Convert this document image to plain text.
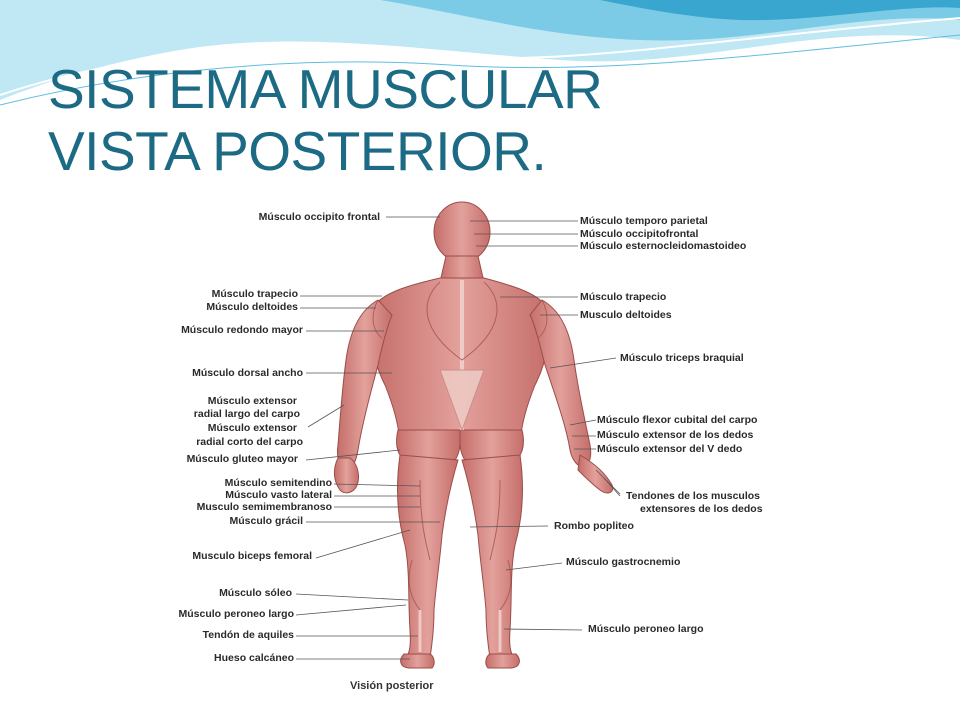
SISTEMA MUSCULAR
VISTA POSTERIOR.
Músculo occipito frontal
Músculo trapecio
Músculo deltoides
Músculo redondo mayor
Músculo dorsal ancho
Músculo extensor
radial largo del carpo
Músculo extensor
radial corto del carpo
Músculo gluteo mayor
Músculo semitendino
Músculo vasto lateral
Musculo semimembranoso
Músculo grácil
Musculo biceps femoral
Músculo sóleo
Músculo peroneo largo
Tendón de aquiles
Hueso calcáneo
Músculo temporo parietal
Músculo occipitofrontal
Músculo esternocleidomastoideo
Músculo trapecio
Musculo deltoides
Músculo triceps braquial
Músculo flexor cubital del carpo
Músculo extensor de los dedos
Músculo extensor del V dedo
Tendones de los musculos
extensores de los dedos
Rombo popliteo
Músculo gastrocnemio
Músculo peroneo largo
Visión posterior
